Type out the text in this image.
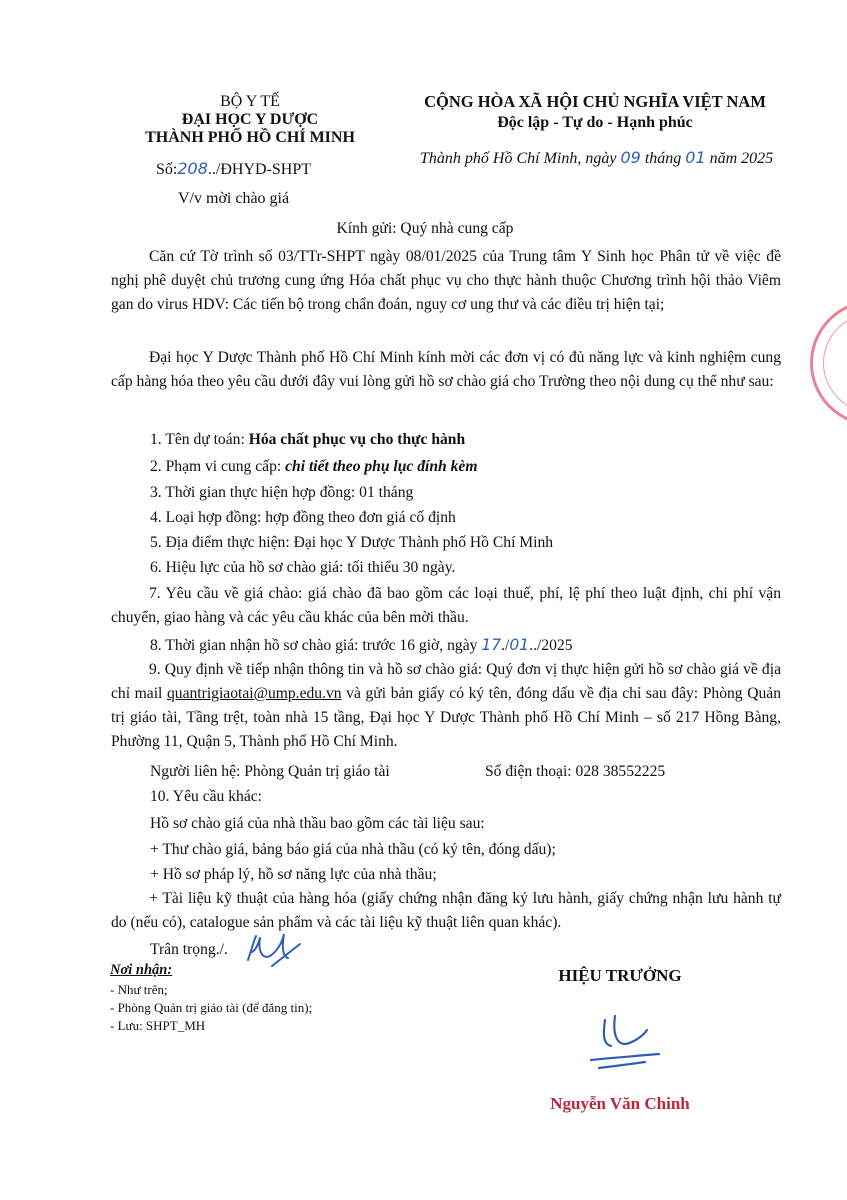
BỘ Y TẾ
ĐẠI HỌC Y DƯỢC
THÀNH PHỐ HỒ CHÍ MINH
Số:208../ĐHYD-SHPT
V/v mời chào giá
CỘNG HÒA XÃ HỘI CHỦ NGHĨA VIỆT NAM
Độc lập - Tự do - Hạnh phúc
Thành phố Hồ Chí Minh, ngày 09 tháng 01 năm 2025
Kính gửi: Quý nhà cung cấp
Căn cứ Tờ trình số 03/TTr-SHPT ngày 08/01/2025 của Trung tâm Y Sinh học Phân tử về việc đề nghị phê duyệt chủ trương cung ứng Hóa chất phục vụ cho thực hành thuộc Chương trình hội thảo Viêm gan do virus HDV: Các tiến bộ trong chẩn đoán, nguy cơ ung thư và các điều trị hiện tại;
Đại học Y Dược Thành phố Hồ Chí Minh kính mời các đơn vị có đủ năng lực và kinh nghiệm cung cấp hàng hóa theo yêu cầu dưới đây vui lòng gửi hồ sơ chào giá cho Trường theo nội dung cụ thể như sau:
1. Tên dự toán: Hóa chất phục vụ cho thực hành
2. Phạm vi cung cấp: chi tiết theo phụ lục đính kèm
3. Thời gian thực hiện hợp đồng: 01 tháng
4. Loại hợp đồng: hợp đồng theo đơn giá cố định
5. Địa điểm thực hiện: Đại học Y Dược Thành phố Hồ Chí Minh
6. Hiệu lực của hồ sơ chào giá: tối thiểu 30 ngày.
7. Yêu cầu về giá chào: giá chào đã bao gồm các loại thuế, phí, lệ phí theo luật định, chi phí vận chuyển, giao hàng và các yêu cầu khác của bên mời thầu.
8. Thời gian nhận hồ sơ chào giá: trước 16 giờ, ngày 17./01../2025
9. Quy định về tiếp nhận thông tin và hồ sơ chào giá: Quý đơn vị thực hiện gửi hồ sơ chào giá về địa chỉ mail quantrigiaotai@ump.edu.vn và gửi bản giấy có ký tên, đóng dấu về địa chỉ sau đây: Phòng Quản trị giáo tài, Tầng trệt, toàn nhà 15 tầng, Đại học Y Dược Thành phố Hồ Chí Minh – số 217 Hồng Bàng, Phường 11, Quận 5, Thành phố Hồ Chí Minh.
Người liên hệ: Phòng Quản trị giáo tài	Số điện thoại: 028 38552225
10. Yêu cầu khác:
Hồ sơ chào giá của nhà thầu bao gồm các tài liệu sau:
+ Thư chào giá, bảng báo giá của nhà thầu (có ký tên, đóng dấu);
+ Hồ sơ pháp lý, hồ sơ năng lực của nhà thầu;
+ Tài liệu kỹ thuật của hàng hóa (giấy chứng nhận đăng ký lưu hành, giấy chứng nhận lưu hành tự do (nếu có), catalogue sản phẩm và các tài liệu kỹ thuật liên quan khác).
Trân trọng./.
Nơi nhận:
- Như trên;
- Phòng Quản trị giáo tài (để đăng tin);
- Lưu: SHPT_MH
HIỆU TRƯỞNG
Nguyễn Văn Chinh
